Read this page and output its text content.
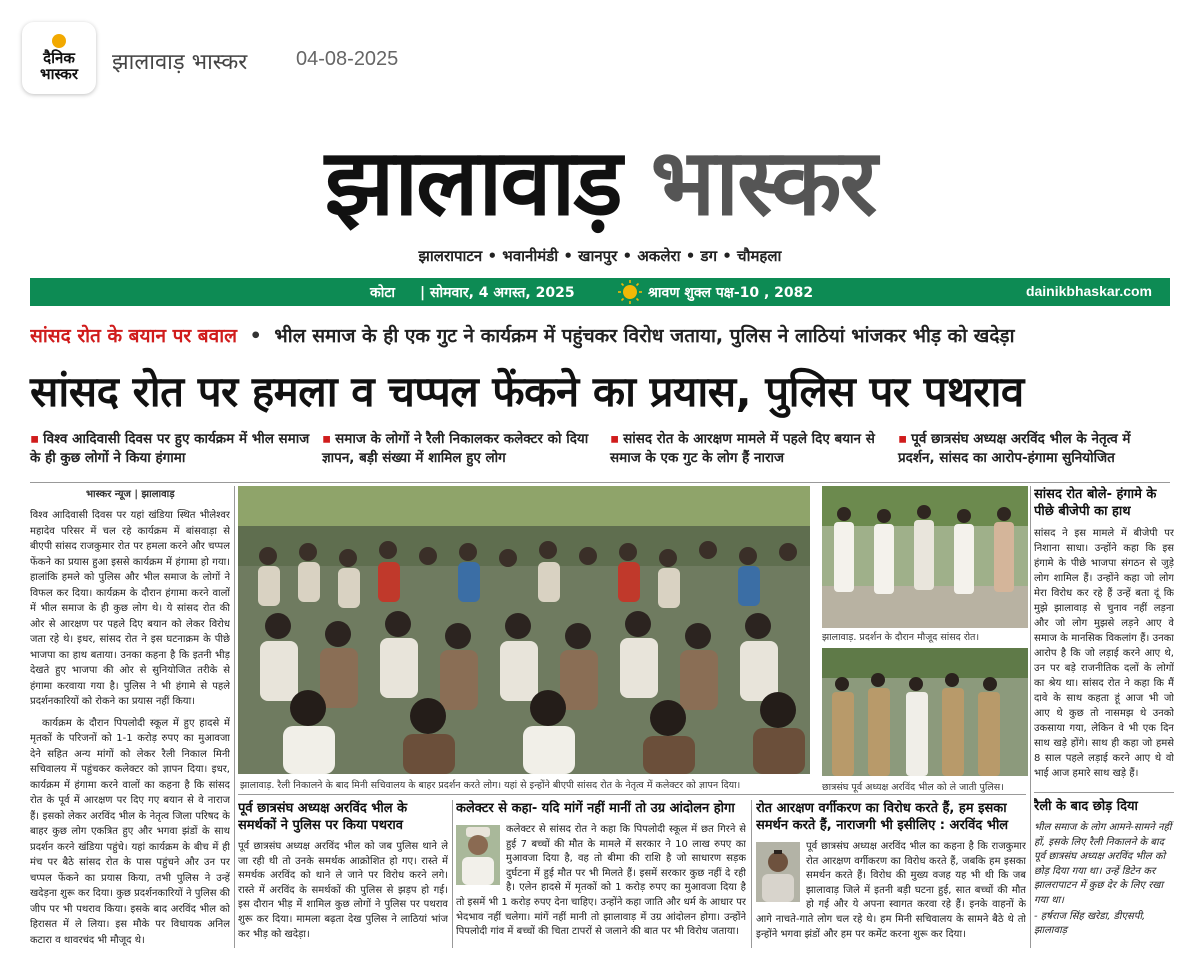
दैनिक भास्कर	झालावाड़ भास्कर 04-08-2025
झालावाड़ भास्कर
झालरापाटन • भवानीमंडी • खानपुर • अकलेरा • डग • चौमहला
कोटा | सोमवार, 4 अगस्त, 2025	श्रावण शुक्ल पक्ष-10 , 2082	dainikbhaskar.com
सांसद रोत के बयान पर बवाल • भील समाज के ही एक गुट ने कार्यक्रम में पहुंचकर विरोध जताया, पुलिस ने लाठियां भांजकर भीड़ को खदेड़ा
सांसद रोत पर हमला व चप्पल फेंकने का प्रयास, पुलिस पर पथराव
▪ विश्व आदिवासी दिवस पर हुए कार्यक्रम में भील समाज के ही कुछ लोगों ने किया हंगामा
▪ समाज के लोगों ने रैली निकालकर कलेक्टर को दिया ज्ञापन, बड़ी संख्या में शामिल हुए लोग
▪ सांसद रोत के आरक्षण मामले में पहले दिए बयान से समाज के एक गुट के लोग हैं नाराज
▪ पूर्व छात्रसंघ अध्यक्ष अरविंद भील के नेतृत्व में प्रदर्शन, सांसद का आरोप-हंगामा सुनियोजित
भास्कर न्यूज | झालावाड़

विश्व आदिवासी दिवस पर यहां खंडिया स्थित भीलेश्वर महादेव परिसर में चल रहे कार्यक्रम में बांसवाड़ा से बीएपी सांसद राजकुमार रोत पर हमला करने और चप्पल फेंकने का प्रयास हुआ इससे कार्यक्रम में हंगामा हो गया। हालांकि हमले को पुलिस और भील समाज के लोगों ने विफल कर दिया। कार्यक्रम के दौरान हंगामा करने वालों में भील समाज के ही कुछ लोग थे। ये सांसद रोत की ओर से आरक्षण पर पहले दिए बयान को लेकर विरोध जता रहे थे। इधर, सांसद रोत ने इस घटनाक्रम के पीछे भाजपा का हाथ बताया। उनका कहना है कि इतनी भीड़ देखते हुए भाजपा की ओर से सुनियोजित तरीके से हंगामा करवाया गया है। पुलिस ने भी हंगामे से पहले प्रदर्शनकारियों को रोकने का प्रयास नहीं किया।

कार्यक्रम के दौरान पिपलोदी स्कूल में हुए हादसे में मृतकों के परिजनों को 1-1 करोड़ रुपए का मुआवजा देने सहित अन्य मांगों को लेकर रैली निकाल मिनी सचिवालय में पहुंचकर कलेक्टर को ज्ञापन दिया। इधर, कार्यक्रम में हंगामा करने वालों का कहना है कि सांसद रोत के पूर्व में आरक्षण पर दिए गए बयान से वे नाराज हैं। इसको लेकर अरविंद भील के नेतृत्व जिला परिषद के बाहर कुछ लोग एकत्रित हुए और भगवा झंडों के साथ प्रदर्शन करने खंडिया पहुंचे। यहां कार्यक्रम के बीच में ही मंच पर बैठे सांसद रोत के पास पहुंचने और उन पर चप्पल फेंकने का प्रयास किया, तभी पुलिस ने उन्हें खदेड़ना शुरू कर दिया। कुछ प्रदर्शनकारियों ने पुलिस की जीप पर भी पथराव किया। इसके बाद अरविंद भील को हिरासत में ले लिया। इस मौके पर विधायक अनिल कटारा व थावरचंद भी मौजूद थे।

झालावाड़. रैली निकालने के बाद मिनी सचिवालय के बाहर प्रदर्शन करते लोग। यहां से इन्होंने बीएपी सांसद रोत के नेतृत्व में कलेक्टर को ज्ञापन दिया।
झालावाड़. प्रदर्शन के दौरान मौजूद सांसद रोत।
छात्रसंघ पूर्व अध्यक्ष अरविंद भील को ले जाती पुलिस।
सांसद रोत बोले- हंगामे के पीछे बीजेपी का हाथ
सांसद ने इस मामले में बीजेपी पर निशाना साधा। उन्होंने कहा कि इस हंगामे के पीछे भाजपा संगठन से जुड़े लोग शामिल हैं। उन्होंने कहा जो लोग मेरा विरोध कर रहे हैं उन्हें बता दूं कि मुझे झालावाड़ से चुनाव नहीं लड़ना और जो लोग मुझसे लड़ने आए वे समाज के मानसिक विकलांग हैं। उनका आरोप है कि जो लड़ाई करने आए थे, उन पर बड़े राजनीतिक दलों के लोगों का श्रेय था। सांसद रोत ने कहा कि मैं दावे के साथ कहता हूं आज भी जो आए थे कुछ तो नासमझ थे उनको उकसाया गया, लेकिन वे भी एक दिन साथ खड़े होंगे। साथ ही कहा जो हमसे 8 साल पहले लड़ाई करने आए थे वो भाई आज हमारे साथ खड़े हैं।
रैली के बाद छोड़ दिया
भील समाज के लोग आमने-सामने नहीं हों, इसके लिए रैली निकालने के बाद पूर्व छात्रसंघ अध्यक्ष अरविंद भील को छोड़ दिया गया था। उन्हें डिटेन कर झालरापाटन में कुछ देर के लिए रखा गया था।
- हर्षराज सिंह खरेडा, डीएसपी, झालावाड़
पूर्व छात्रसंघ अध्यक्ष अरविंद भील के समर्थकों ने पुलिस पर किया पथराव
पूर्व छात्रसंघ अध्यक्ष अरविंद भील को जब पुलिस थाने ले जा रही थी तो उनके समर्थक आक्रोशित हो गए। रास्ते में समर्थक अरविंद को थाने ले जाने पर विरोध करने लगे। रास्ते में अरविंद के समर्थकों की पुलिस से झड़प हो गई। इस दौरान भीड़ में शामिल कुछ लोगों ने पुलिस पर पथराव शुरू कर दिया। मामला बढ़ता देख पुलिस ने लाठियां भांज कर भीड़ को खदेड़ा।
कलेक्टर से कहा- यदि मांगें नहीं मानीं तो उग्र आंदोलन होगा
कलेक्टर से सांसद रोत ने कहा कि पिपलोदी स्कूल में छत गिरने से हुई 7 बच्चों की मौत के मामले में सरकार ने 10 लाख रुपए का मुआवजा दिया है, वह तो बीमा की राशि है जो साधारण सड़क दुर्घटना में हुई मौत पर भी मिलते हैं। इसमें सरकार कुछ नहीं दे रही है। एलेन हादसे में मृतकों को 1 करोड़ रुपए का मुआवजा दिया है तो इसमें भी 1 करोड़ रुपए देना चाहिए। उन्होंने कहा जाति और धर्म के आधार पर भेदभाव नहीं चलेगा। मांगें नहीं मानी तो झालावाड़ में उग्र आंदोलन होगा। उन्होंने पिपलोदी गांव में बच्चों की चिता टापरों से जलाने की बात पर भी विरोध जताया।
रोत आरक्षण वर्गीकरण का विरोध करते हैं, हम इसका समर्थन करते हैं, नाराजगी भी इसीलिए : अरविंद भील
पूर्व छात्रसंघ अध्यक्ष अरविंद भील का कहना है कि राजकुमार रोत आरक्षण वर्गीकरण का विरोध करते हैं, जबकि हम इसका समर्थन करते हैं। विरोध की मुख्य वजह यह भी थी कि जब झालावाड़ जिले में इतनी बड़ी घटना हुई, सात बच्चों की मौत हो गई और ये अपना स्वागत करवा रहे हैं। इनके वाहनों के आगे नाचते-गाते लोग चल रहे थे। हम मिनी सचिवालय के सामने बैठे थे तो इन्होंने भगवा झंडों और हम पर कमेंट करना शुरू कर दिया।
